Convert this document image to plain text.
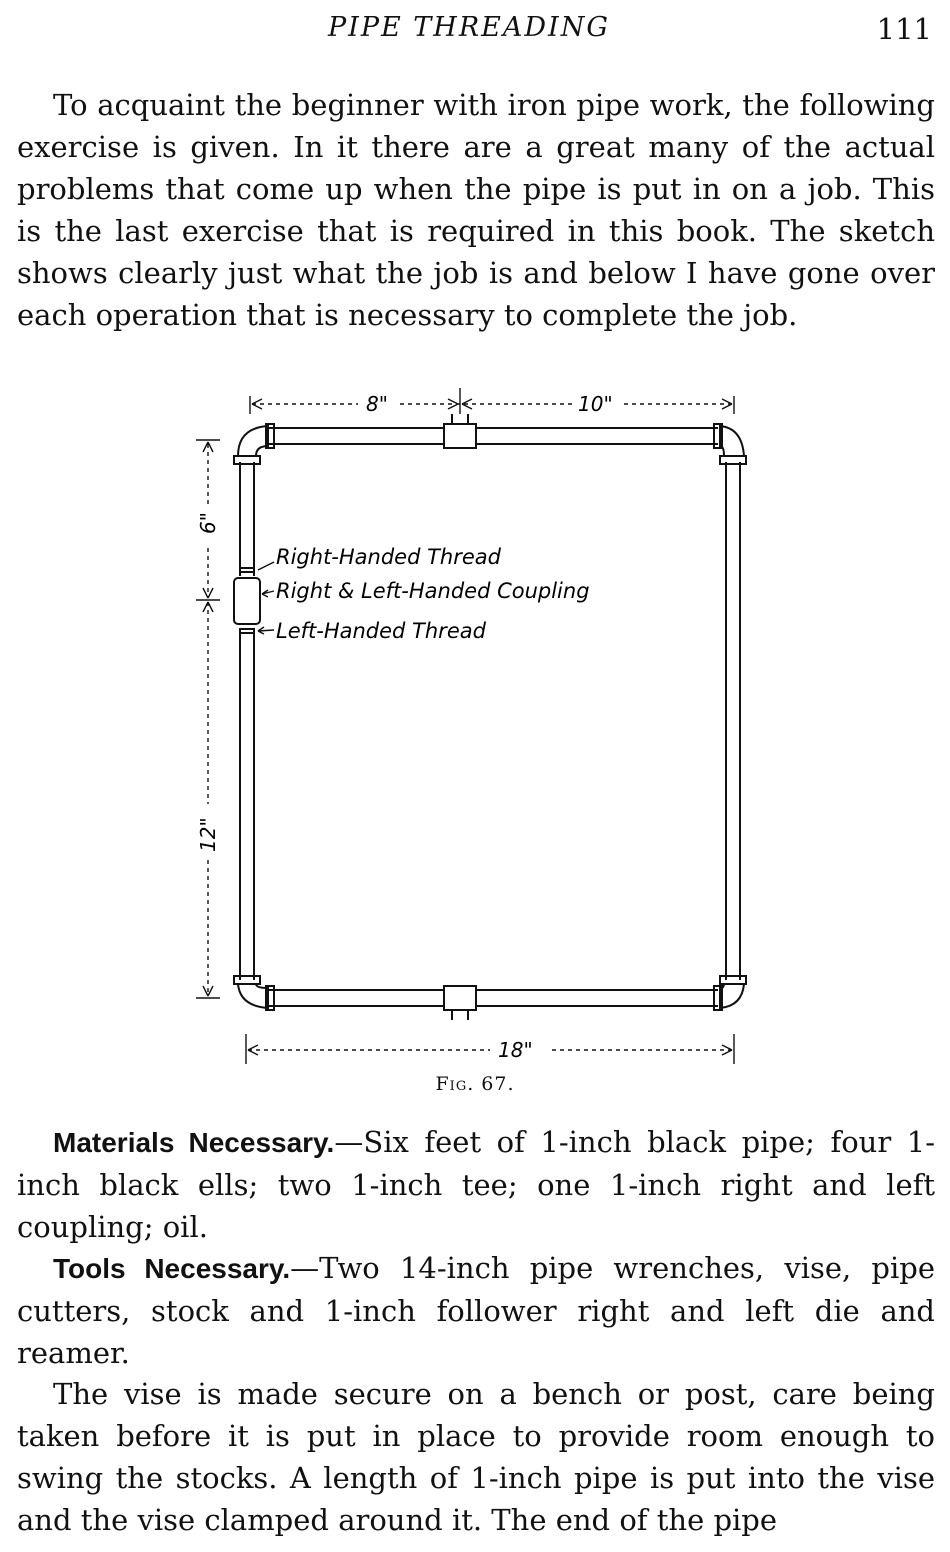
PIPE THREADING	111

To acquaint the beginner with iron pipe work, the following exercise is given. In it there are a great many of the actual problems that come up when the pipe is put in on a job. This is the last exercise that is required in this book. The sketch shows clearly just what the job is and below I have gone over each operation that is necessary to complete the job.

8"	10"
6"
12"
18"
Right-Handed Thread
Right & Left-Handed Coupling
Left-Handed Thread
Fig. 67.

Materials Necessary.—Six feet of 1-inch black pipe; four 1-inch black ells; two 1-inch tee; one 1-inch right and left coupling; oil.

Tools Necessary.—Two 14-inch pipe wrenches, vise, pipe cutters, stock and 1-inch follower right and left die and reamer.

The vise is made secure on a bench or post, care being taken before it is put in place to provide room enough to swing the stocks. A length of 1-inch pipe is put into the vise and the vise clamped around it. The end of the pipe
